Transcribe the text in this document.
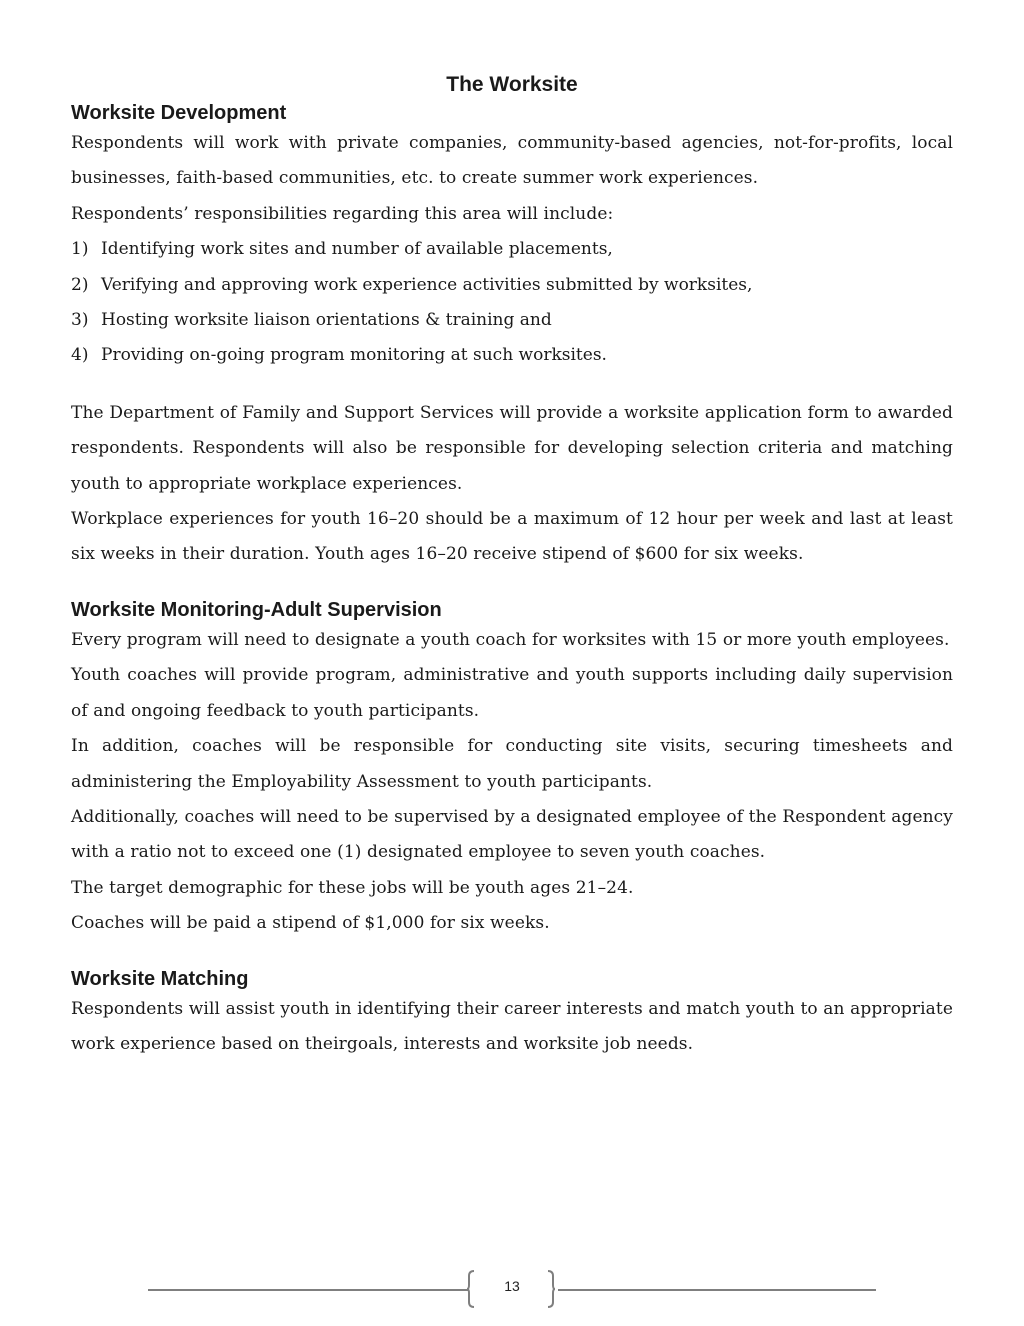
The Worksite
Worksite Development

Respondents will work with private companies, community-based agencies, not-for-profits, local businesses, faith-based communities, etc. to create summer work experiences.

Respondents’ responsibilities regarding this area will include:

1) Identifying work sites and number of available placements,
2) Verifying and approving work experience activities submitted by worksites,
3) Hosting worksite liaison orientations & training and
4) Providing on-going program monitoring at such worksites.

The Department of Family and Support Services will provide a worksite application form to awarded respondents. Respondents will also be responsible for developing selection criteria and matching youth to appropriate workplace experiences.

Workplace experiences for youth 16–20 should be a maximum of 12 hour per week and last at least six weeks in their duration. Youth ages 16–20 receive stipend of $600 for six weeks.

Worksite Monitoring-Adult Supervision

Every program will need to designate a youth coach for worksites with 15 or more youth employees.

Youth coaches will provide program, administrative and youth supports including daily supervision of and ongoing feedback to youth participants.

In addition, coaches will be responsible for conducting site visits, securing timesheets and administering the Employability Assessment to youth participants.

Additionally, coaches will need to be supervised by a designated employee of the Respondent agency with a ratio not to exceed one (1) designated employee to seven youth coaches.

The target demographic for these jobs will be youth ages 21–24.

Coaches will be paid a stipend of $1,000 for six weeks.

Worksite Matching

Respondents will assist youth in identifying their career interests and match youth to an appropriate work experience based on theirgoals, interests and worksite job needs.

13
